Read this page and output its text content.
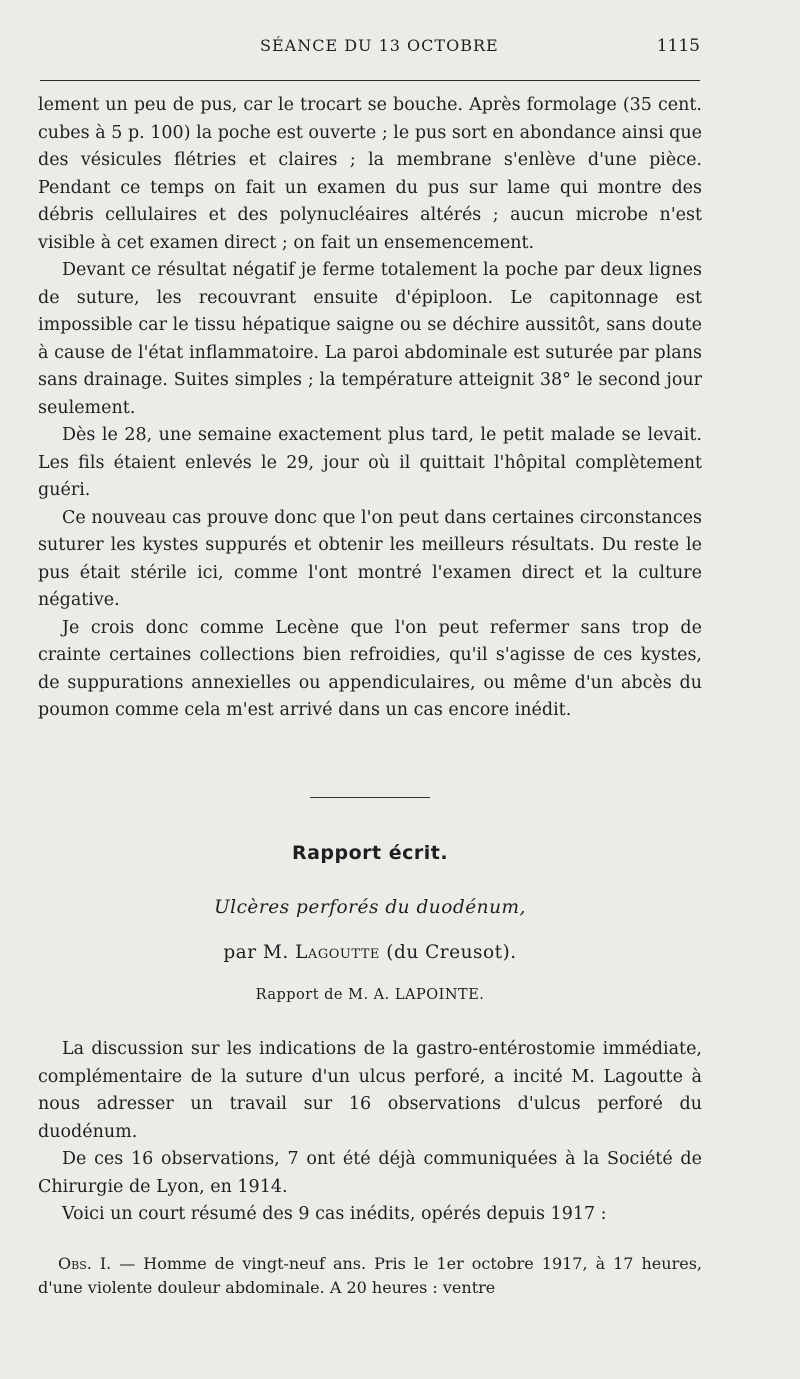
SÉANCE DU 13 OCTOBRE	1115

lement un peu de pus, car le trocart se bouche. Après formolage (35 cent. cubes à 5 p. 100) la poche est ouverte ; le pus sort en abondance ainsi que des vésicules flétries et claires ; la membrane s'enlève d'une pièce. Pendant ce temps on fait un examen du pus sur lame qui montre des débris cellulaires et des polynucléaires altérés ; aucun microbe n'est visible à cet examen direct ; on fait un ensemencement.

Devant ce résultat négatif je ferme totalement la poche par deux lignes de suture, les recouvrant ensuite d'épiploon. Le capitonnage est impossible car le tissu hépatique saigne ou se déchire aussitôt, sans doute à cause de l'état inflammatoire. La paroi abdominale est suturée par plans sans drainage. Suites simples ; la température atteignit 38° le second jour seulement.

Dès le 28, une semaine exactement plus tard, le petit malade se levait. Les fils étaient enlevés le 29, jour où il quittait l'hôpital complètement guéri.

Ce nouveau cas prouve donc que l'on peut dans certaines circonstances suturer les kystes suppurés et obtenir les meilleurs résultats. Du reste le pus était stérile ici, comme l'ont montré l'examen direct et la culture négative.

Je crois donc comme Lecène que l'on peut refermer sans trop de crainte certaines collections bien refroidies, qu'il s'agisse de ces kystes, de suppurations annexielles ou appendiculaires, ou même d'un abcès du poumon comme cela m'est arrivé dans un cas encore inédit.

Rapport écrit.
Ulcères perforés du duodénum,
par M. Lagoutte (du Creusot).
Rapport de M. A. LAPOINTE.

La discussion sur les indications de la gastro-entérostomie immédiate, complémentaire de la suture d'un ulcus perforé, a incité M. Lagoutte à nous adresser un travail sur 16 observations d'ulcus perforé du duodénum.

De ces 16 observations, 7 ont été déjà communiquées à la Société de Chirurgie de Lyon, en 1914.

Voici un court résumé des 9 cas inédits, opérés depuis 1917 :

Obs. I. — Homme de vingt-neuf ans. Pris le 1er octobre 1917, à 17 heures, d'une violente douleur abdominale. A 20 heures : ventre
